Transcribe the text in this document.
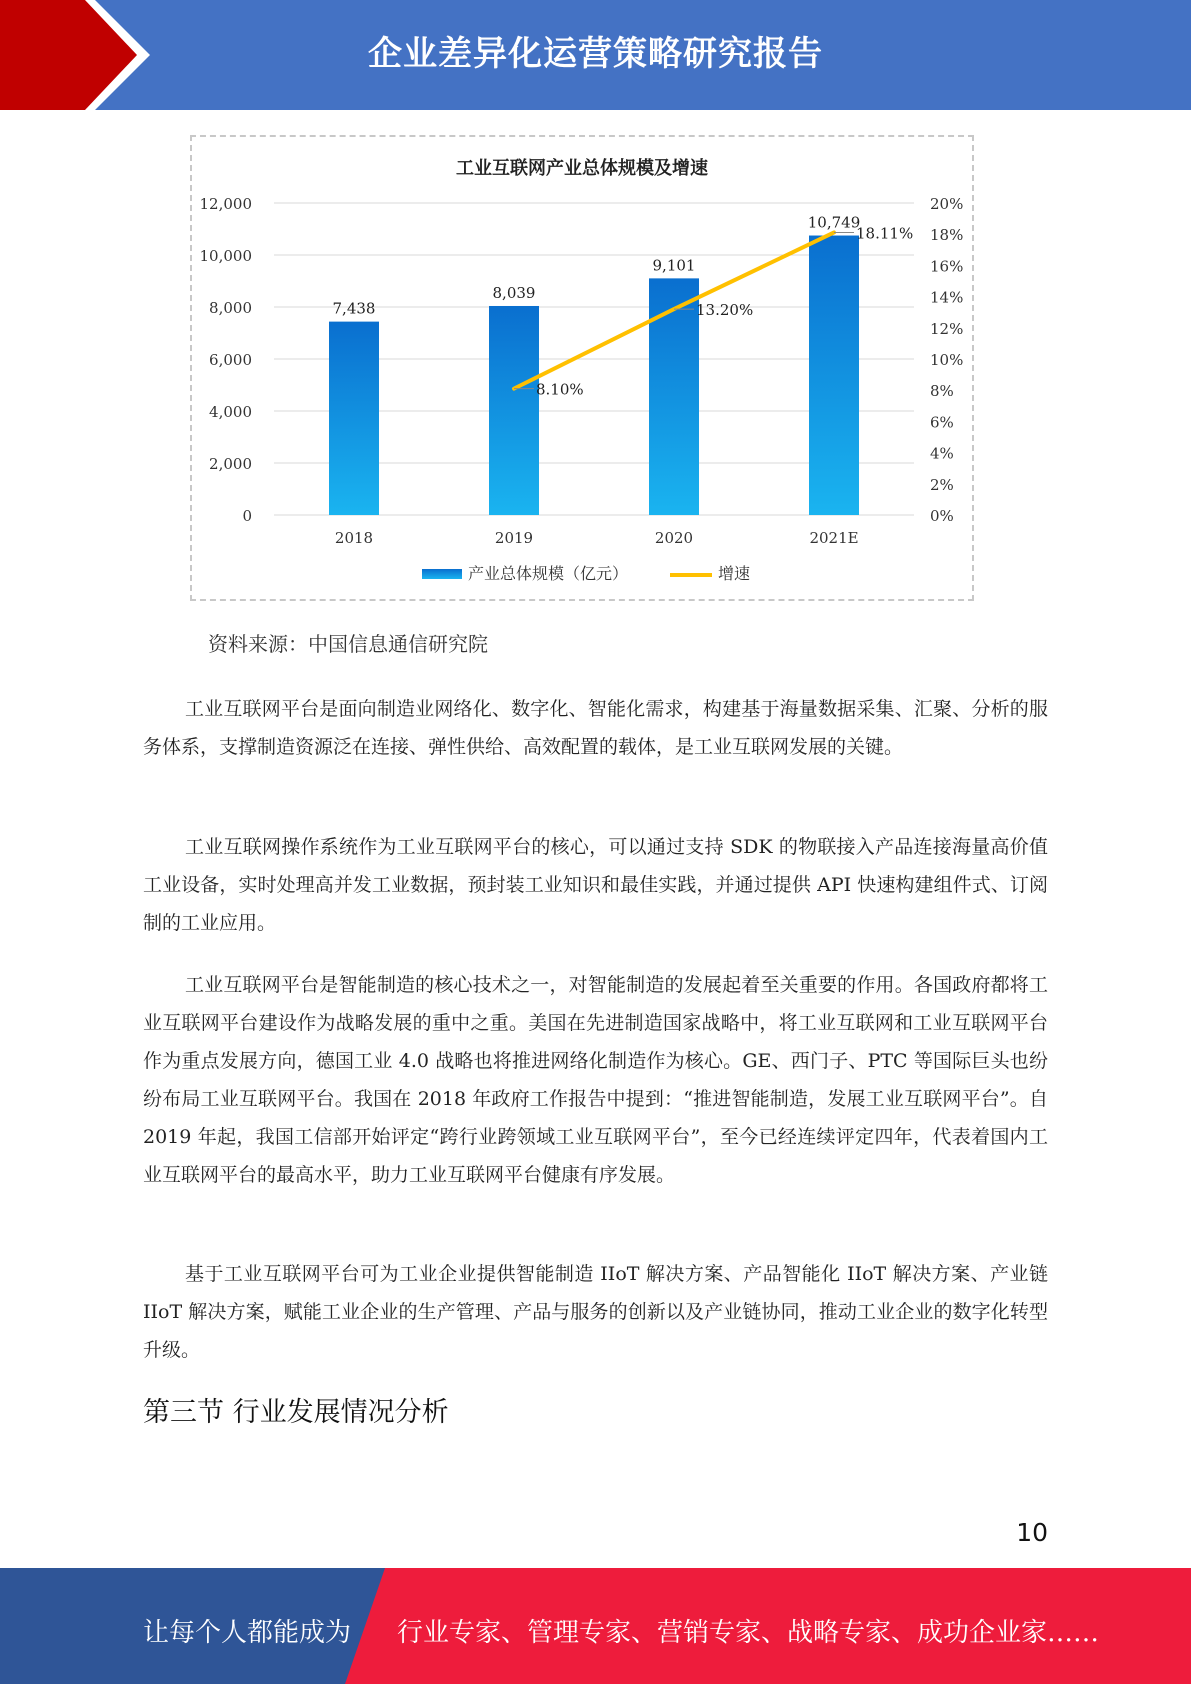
企业差异化运营策略研究报告
工业互联网产业总体规模及增速
0
2,000
4,000
6,000
8,000
10,000
12,000
0%
2%
4%
6%
8%
10%
12%
14%
16%
18%
20%
7,438
8,039
9,101
10,749
2018	2019	2020	2021E
8.10%
13.20%
18.11%
产业总体规模（亿元）	增速
资料来源：中国信息通信研究院

工业互联网平台是面向制造业网络化、数字化、智能化需求，构建基于海量数据采集、汇聚、分析的服务体系，支撑制造资源泛在连接、弹性供给、高效配置的载体，是工业互联网发展的关键。

工业互联网操作系统作为工业互联网平台的核心，可以通过支持 SDK 的物联接入产品连接海量高价值工业设备，实时处理高并发工业数据，预封装工业知识和最佳实践，并通过提供 API 快速构建组件式、订阅制的工业应用。

工业互联网平台是智能制造的核心技术之一，对智能制造的发展起着至关重要的作用。各国政府都将工业互联网平台建设作为战略发展的重中之重。美国在先进制造国家战略中，将工业互联网和工业互联网平台作为重点发展方向，德国工业 4.0 战略也将推进网络化制造作为核心。GE、西门子、PTC 等国际巨头也纷纷布局工业互联网平台。我国在 2018 年政府工作报告中提到：“推进智能制造，发展工业互联网平台”。自 2019 年起，我国工信部开始评定“跨行业跨领域工业互联网平台”，至今已经连续评定四年，代表着国内工业互联网平台的最高水平，助力工业互联网平台健康有序发展。

基于工业互联网平台可为工业企业提供智能制造 IIoT 解决方案、产品智能化 IIoT 解决方案、产业链 IIoT 解决方案，赋能工业企业的生产管理、产品与服务的创新以及产业链协同，推动工业企业的数字化转型升级。

第三节 行业发展情况分析
10
让每个人都能成为 行业专家、管理专家、营销专家、战略专家、成功企业家……
